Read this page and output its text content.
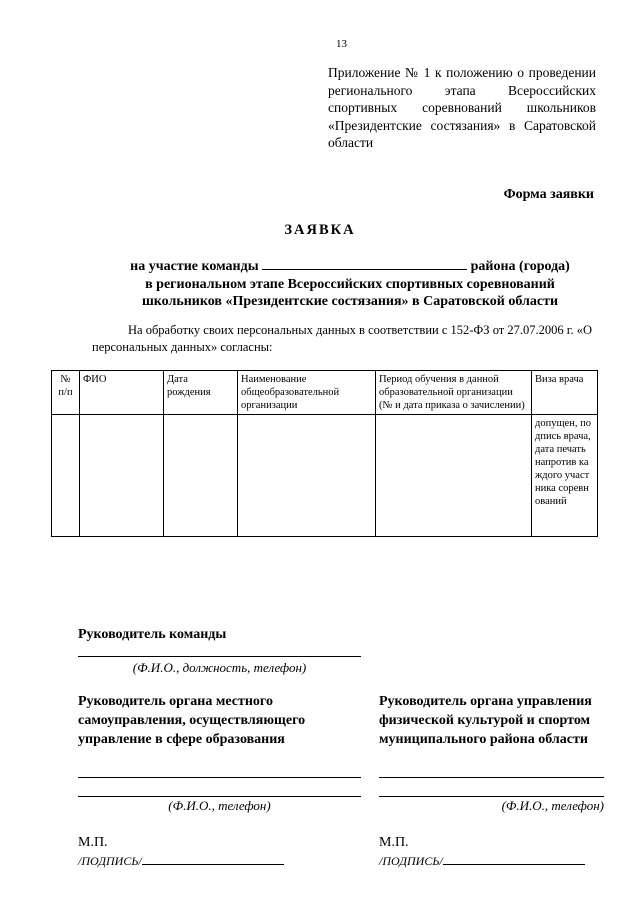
13
Приложение № 1 к положению о проведении регионального этапа Всероссийских спортивных соревнований школьников «Президентские состязания» в Саратовской области
Форма заявки
ЗАЯВКА
на участие команды	района (города)
в региональном этапе Всероссийских спортивных соревнований
школьников «Президентские состязания» в Саратовской области
На обработку своих персональных данных в соответствии с 152-ФЗ от 27.07.2006 г. «О персональных данных» согласны:
№ п/п	ФИО	Дата рождения	Наименование общеобразовательной организации	Период обучения в данной образовательной организации (№ и дата приказа о зачислении)	Виза врача
					допущен, подпись врача, дата печать напротив каждого участника соревнований
Руководитель команды
(Ф.И.О., должность, телефон)
Руководитель органа местного
самоуправления, осуществляющего
управление в сфере образования
(Ф.И.О., телефон)
М.П.
/ПОДПИСЬ/
Руководитель органа управления
физической культурой и спортом
муниципального района области
(Ф.И.О., телефон)
М.П.
/ПОДПИСЬ/
